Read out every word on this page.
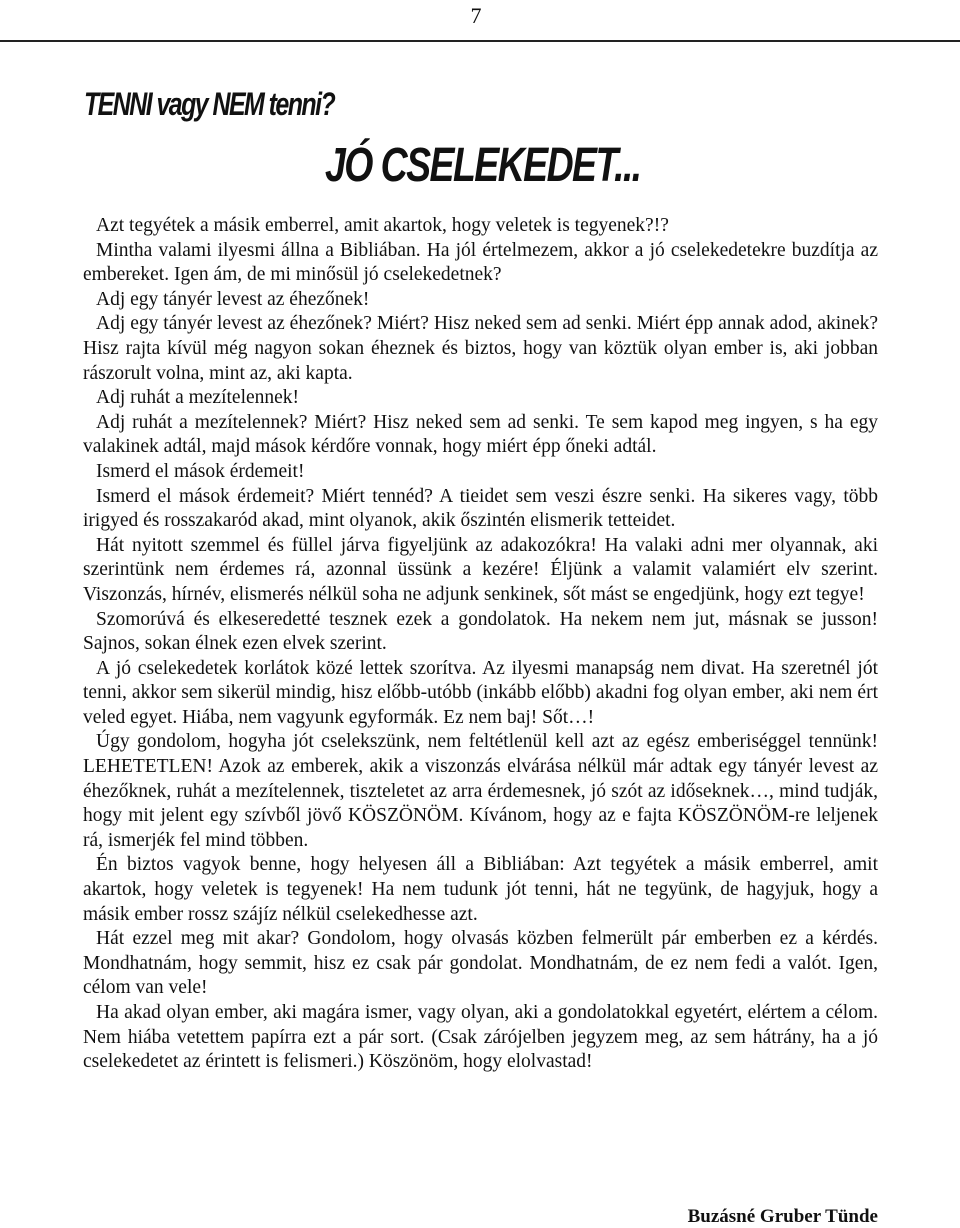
7
TENNI vagy NEM tenni?
JÓ CSELEKEDET...

Azt tegyétek a másik emberrel, amit akartok, hogy veletek is tegyenek?!?

Mintha valami ilyesmi állna a Bibliában. Ha jól értelmezem, akkor a jó cselekedetekre buzdítja az embereket. Igen ám, de mi minősül jó cselekedetnek?

Adj egy tányér levest az éhezőnek!

Adj egy tányér levest az éhezőnek? Miért? Hisz neked sem ad senki. Miért épp annak adod, akinek? Hisz rajta kívül még nagyon sokan éheznek és biztos, hogy van köztük olyan ember is, aki jobban rászorult volna, mint az, aki kapta.

Adj ruhát a mezítelennek!

Adj ruhát a mezítelennek? Miért? Hisz neked sem ad senki. Te sem kapod meg ingyen, s ha egy valakinek adtál, majd mások kérdőre vonnak, hogy miért épp őneki adtál.

Ismerd el mások érdemeit!

Ismerd el mások érdemeit? Miért tennéd? A tieidet sem veszi észre senki. Ha sikeres vagy, több irigyed és rosszakaród akad, mint olyanok, akik őszintén elismerik tetteidet.

Hát nyitott szemmel és füllel járva figyeljünk az adakozókra! Ha valaki adni mer olyannak, aki szerintünk nem érdemes rá, azonnal üssünk a kezére! Éljünk a valamit valamiért elv szerint. Viszonzás, hírnév, elismerés nélkül soha ne adjunk senkinek, sőt mást se engedjünk, hogy ezt tegye!

Szomorúvá és elkeseredetté tesznek ezek a gondolatok. Ha nekem nem jut, másnak se jusson! Sajnos, sokan élnek ezen elvek szerint.

A jó cselekedetek korlátok közé lettek szorítva. Az ilyesmi manapság nem divat. Ha szeretnél jót tenni, akkor sem sikerül mindig, hisz előbb-utóbb (inkább előbb) akadni fog olyan ember, aki nem ért veled egyet. Hiába, nem vagyunk egyformák. Ez nem baj! Sőt…!

Úgy gondolom, hogyha jót cselekszünk, nem feltétlenül kell azt az egész emberiséggel tennünk! LEHETETLEN! Azok az emberek, akik a viszonzás elvárása nélkül már adtak egy tányér levest az éhezőknek, ruhát a mezítelennek, tiszteletet az arra érdemesnek, jó szót az időseknek…, mind tudják, hogy mit jelent egy szívből jövő KÖSZÖNÖM. Kívánom, hogy az e fajta KÖSZÖNÖM-re leljenek rá, ismerjék fel mind többen.

Én biztos vagyok benne, hogy helyesen áll a Bibliában: Azt tegyétek a másik emberrel, amit akartok, hogy veletek is tegyenek! Ha nem tudunk jót tenni, hát ne tegyünk, de hagyjuk, hogy a másik ember rossz szájíz nélkül cselekedhesse azt.

Hát ezzel meg mit akar? Gondolom, hogy olvasás közben felmerült pár emberben ez a kérdés. Mondhatnám, hogy semmit, hisz ez csak pár gondolat. Mondhatnám, de ez nem fedi a valót. Igen, célom van vele!

Ha akad olyan ember, aki magára ismer, vagy olyan, aki a gondolatokkal egyetért, elértem a célom. Nem hiába vetettem papírra ezt a pár sort. (Csak zárójelben jegyzem meg, az sem hátrány, ha a jó cselekedetet az érintett is felismeri.) Köszönöm, hogy elolvastad!

Buzásné Gruber Tünde
